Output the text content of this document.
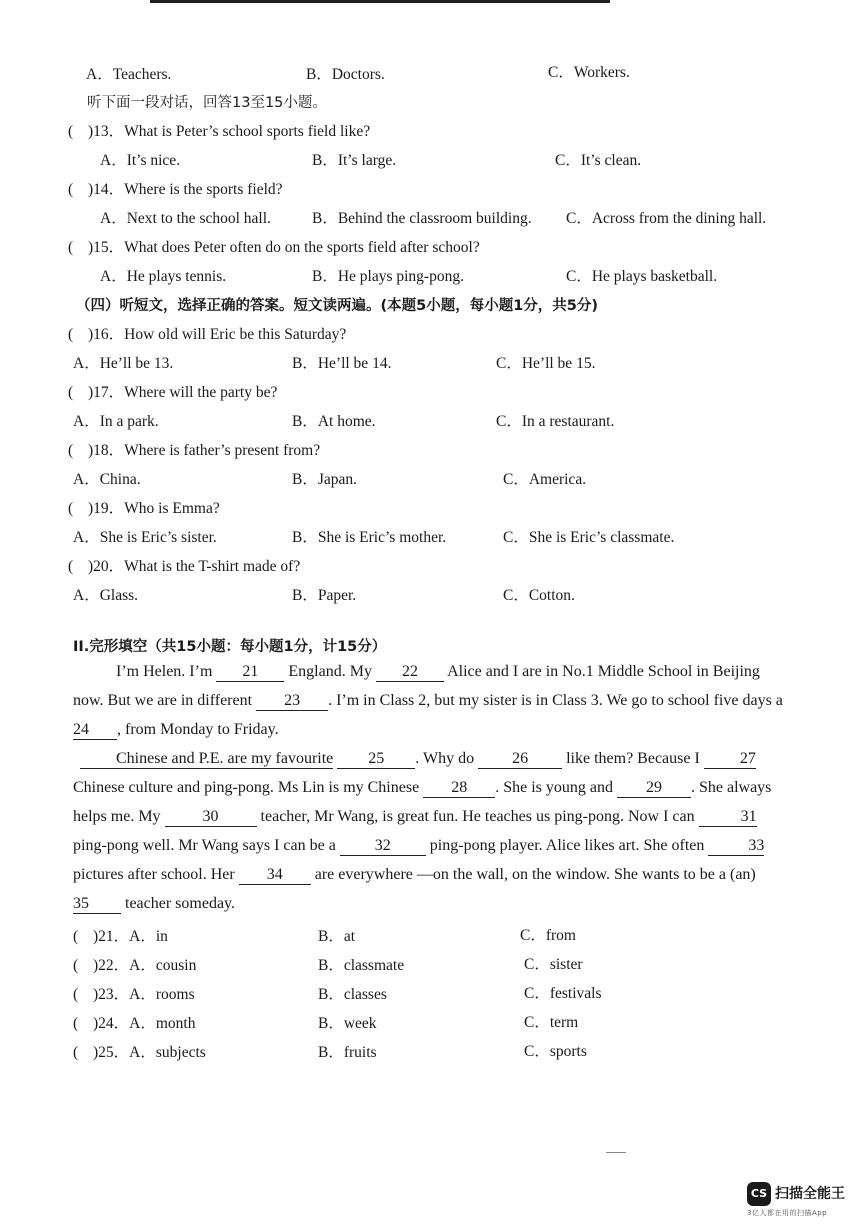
A．Teachers.	B．Doctors.	C．Workers.
听下面一段对话，回答13至15小题。
( )13．What is Peter’s school sports field like?
A．It’s nice.	B．It’s large.	C．It’s clean.
( )14．Where is the sports field?
A．Next to the school hall.	B．Behind the classroom building. C．Across from the dining hall.
( )15．What does Peter often do on the sports field after school?
A．He plays tennis.	B．He plays ping-pong.	C．He plays basketball.
（四）听短文，选择正确的答案。短文读两遍。(本题5小题，每小题1分，共5分)
( )16．How old will Eric be this Saturday?
A．He’ll be 13.	B．He’ll be 14.	C．He’ll be 15.
( )17．Where will the party be?
A．In a park.	B．At home.	C．In a restaurant.
( )18．Where is father’s present from?
A．China.	B．Japan.	C．America.
( )19．Who is Emma?
A．She is Eric’s sister.	B．She is Eric’s mother.	C．She is Eric’s classmate.
( )20．What is the T-shirt made of?
A．Glass.	B．Paper.	C．Cotton.
II.完形填空（共15小题：每小题1分，计15分）
I’m Helen. I’m 21 England. My 22 Alice and I are in No.1 Middle School in Beijing
now. But we are in different 23 . I’m in Class 2, but my sister is in Class 3. We go to school five days a
24 , from Monday to Friday.
Chinese and P.E. are my favourite 25 . Why do 26 like them? Because I	27
Chinese culture and ping-pong. Ms Lin is my Chinese 28 . She is young and 29 . She always
helps me. My	30	teacher, Mr Wang, is great fun. He teaches us ping-pong. Now I can	31
ping-pong well. Mr Wang says I can be a 32 ping-pong player. Alice likes art. She often	33
pictures after school. Her 34 are everywhere —on the wall, on the window. She wants to be a (an)
35 teacher someday.
( )21．A．in	B．at	C．from
( )22．A．cousin	B．classmate	C．sister
( )23．A．rooms	B．classes	C．festivals
( )24．A．month	B．week	C．term
( )25．A．subjects	B．fruits	C．sports
CS 扫描全能王
3亿人都在用的扫描App
